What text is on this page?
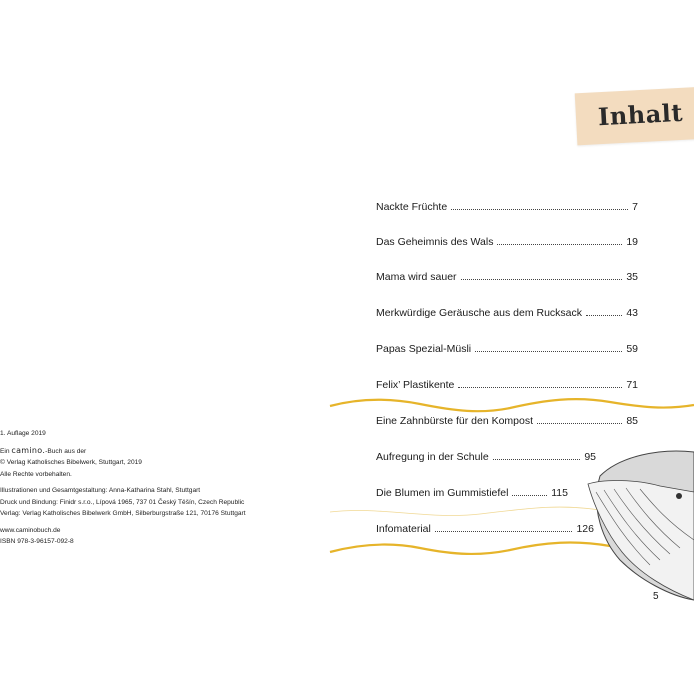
1. Auflage 2019
Ein camino.-Buch aus der
© Verlag Katholisches Bibelwerk, Stuttgart, 2019
Alle Rechte vorbehalten.
Illustrationen und Gesamtgestaltung: Anna-Katharina Stahl, Stuttgart
Druck und Bindung: Finidr s.r.o., Lípová 1965, 737 01 Český Těšín, Czech Republic
Verlag: Verlag Katholisches Bibelwerk GmbH, Silberburgstraße 121, 70176 Stuttgart
www.caminobuch.de
ISBN 978-3-96157-092-8
Inhalt
Nackte Früchte	7
Das Geheimnis des Wals	19
Mama wird sauer	35
Merkwürdige Geräusche aus dem Rucksack	43
Papas Spezial-Müsli	59
Felix’ Plastikente	71
Eine Zahnbürste für den Kompost	85
Aufregung in der Schule	95
Die Blumen im Gummistiefel	115
Infomaterial	126
5
